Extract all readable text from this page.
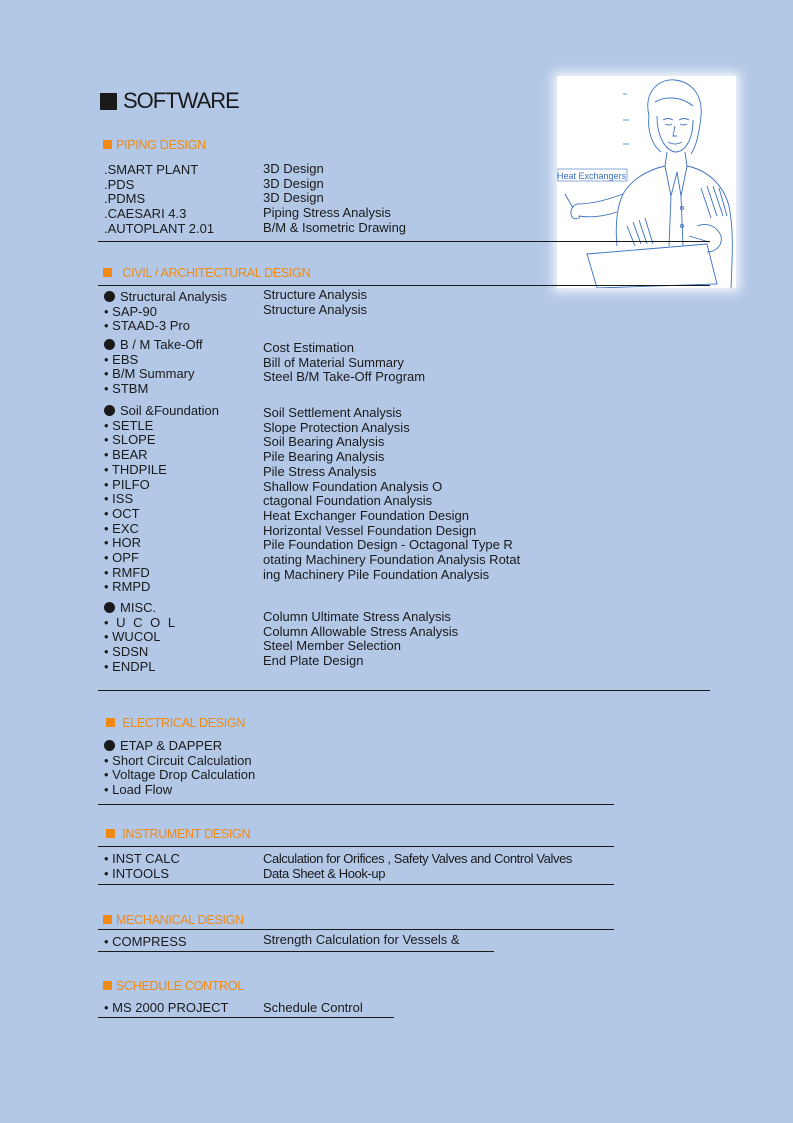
SOFTWARE
Heat Exchangers
PIPING DESIGN
.SMART PLANT
.PDS
.PDMS
.CAESARI 4.3
.AUTOPLANT 2.01
3D Design
3D Design
3D Design
Piping Stress Analysis
B/M & Isometric Drawing
CIVIL / ARCHITECTURAL DESIGN
Structural Analysis
• SAP-90
• STAAD-3 Pro
Structure Analysis
Structure Analysis
B / M Take-Off
• EBS
• B/M Summary
• STBM
Cost Estimation
Bill of Material Summary
Steel B/M Take-Off Program
Soil &Foundation
• SETLE
• SLOPE
• BEAR
• THDPILE
• PILFO
• ISS
• OCT
• EXC
• HOR
• OPF
• RMFD
• RMPD
Soil Settlement Analysis
Slope Protection Analysis
Soil Bearing Analysis
Pile Bearing Analysis
Pile Stress Analysis
Shallow Foundation Analysis O
ctagonal Foundation Analysis
Heat Exchanger Foundation Design
Horizontal Vessel Foundation Design
Pile Foundation Design - Octagonal Type R
otating Machinery Foundation Analysis Rotat
ing Machinery Pile Foundation Analysis
MISC.
• U C O L
• WUCOL
• SDSN
• ENDPL
Column Ultimate Stress Analysis
Column Allowable Stress Analysis
Steel Member Selection
End Plate Design
ELECTRICAL DESIGN
ETAP & DAPPER
• Short Circuit Calculation
• Voltage Drop Calculation
• Load Flow
INSTRUMENT DESIGN
• INST CALC
• INTOOLS
Calculation for Orifices , Safety Valves and Control Valves
Data Sheet & Hook-up
MECHANICAL DESIGN
• COMPRESS	Strength Calculation for Vessels &
SCHEDULE CONTROL
• MS 2000 PROJECT	Schedule Control
